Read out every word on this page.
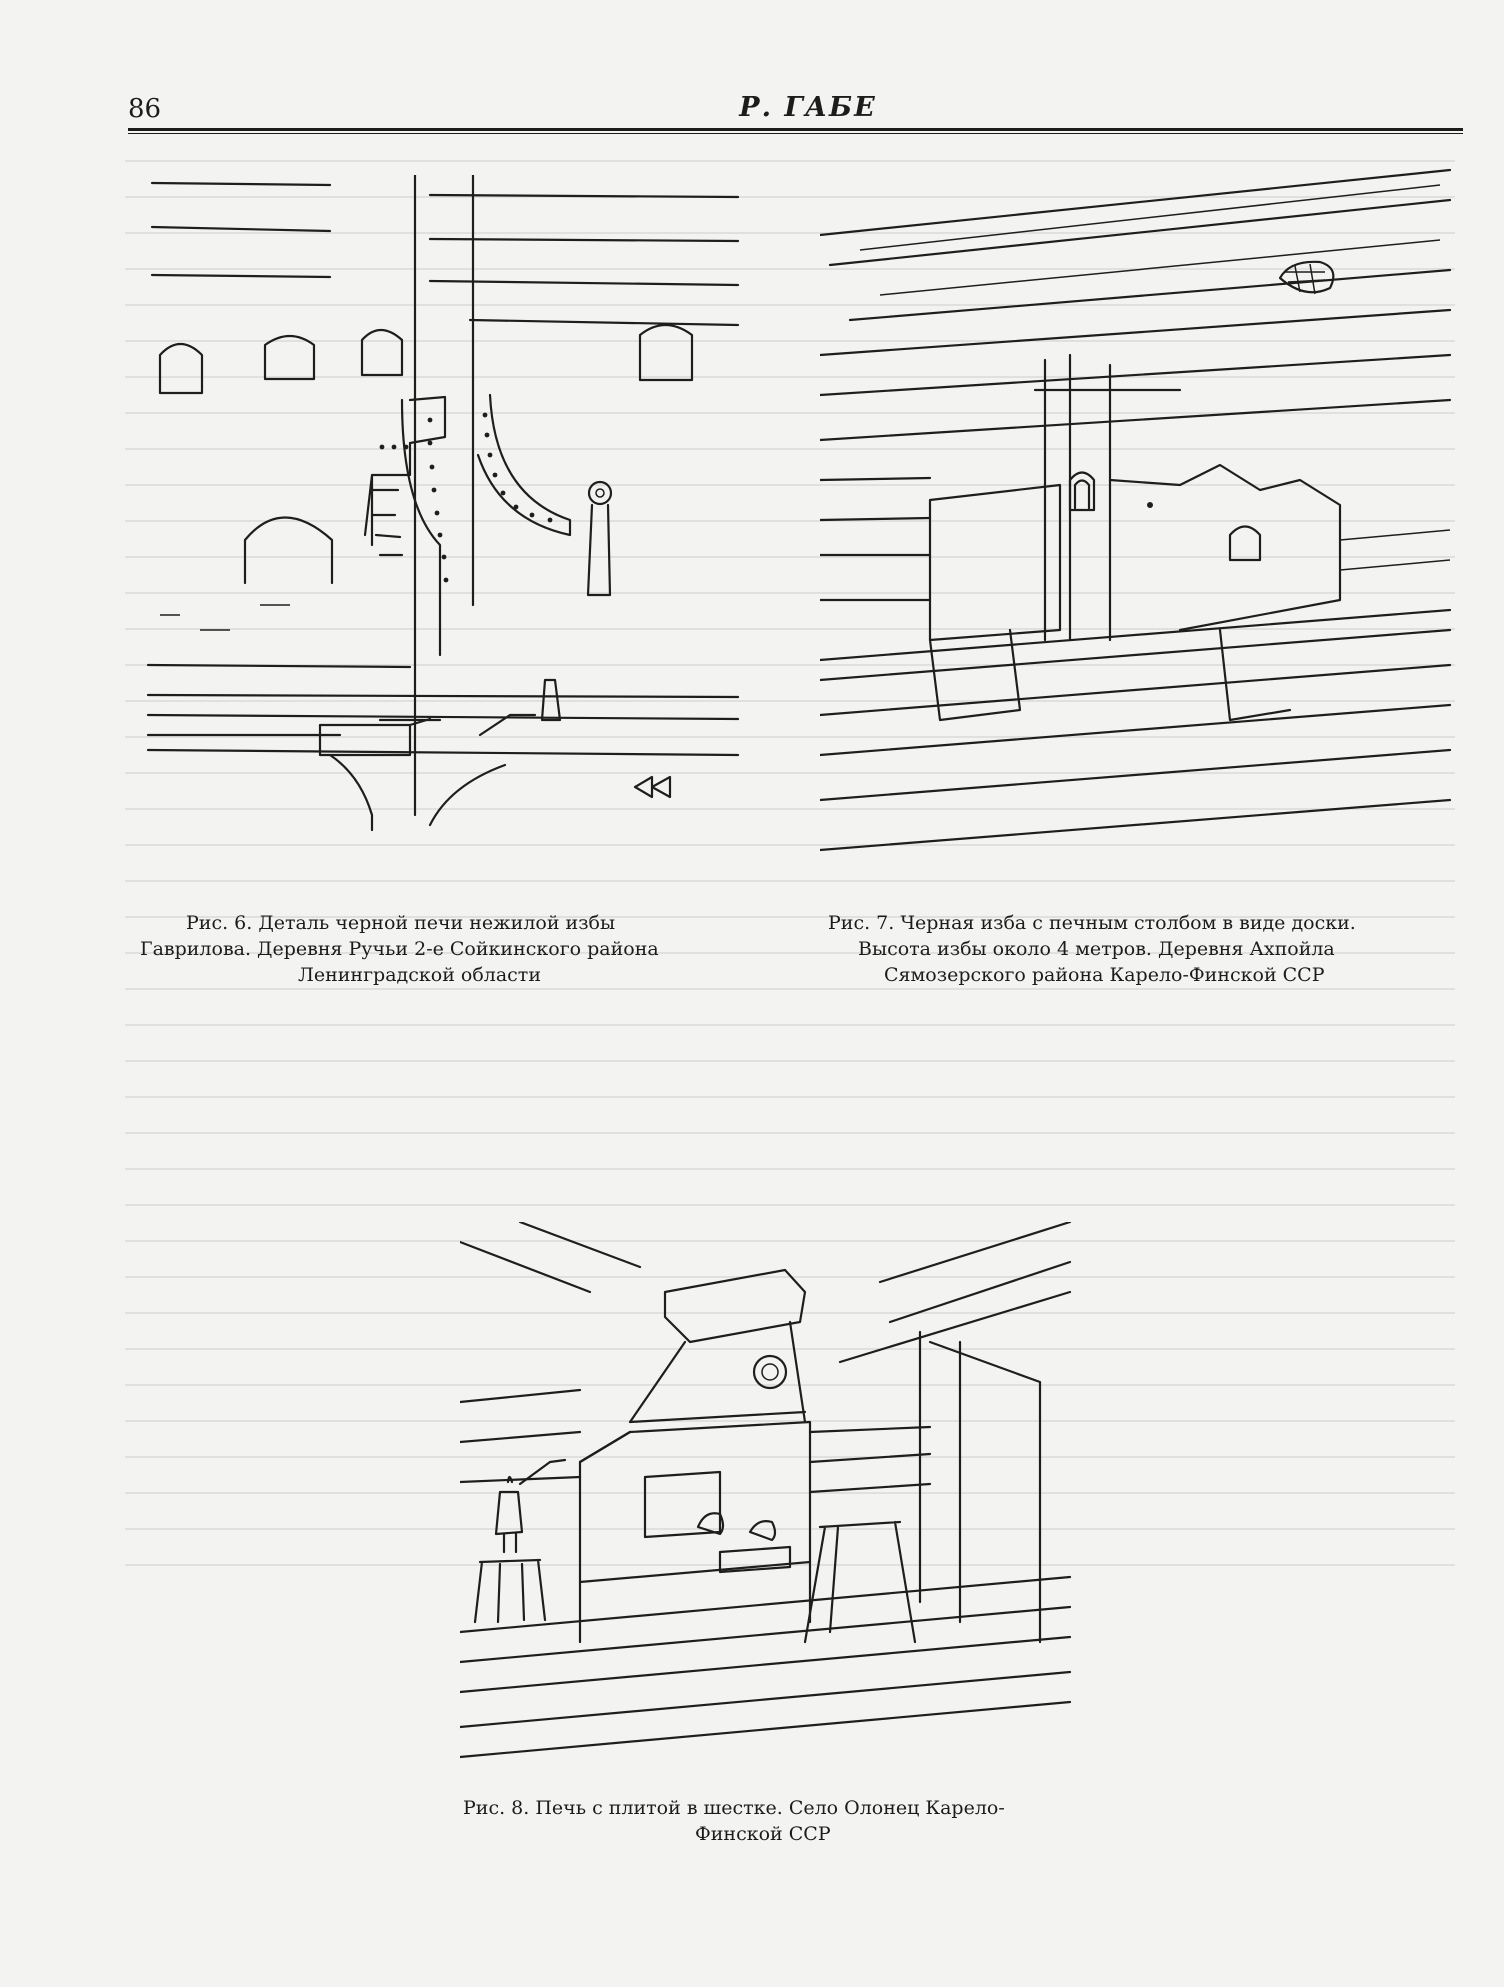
86	Р. ГАБЕ
Рис. 6. Деталь черной печи нежилой избы
Гаврилова. Деревня Ручьи 2-е Сойкинского района
Ленинградской области
Рис. 7. Черная изба с печным столбом в виде доски.
Высота избы около 4 метров. Деревня Ахпойла
Сямозерского района Карело-Финской ССР
Рис. 8. Печь с плитой в шестке. Село Олонец Карело-
Финской ССР
